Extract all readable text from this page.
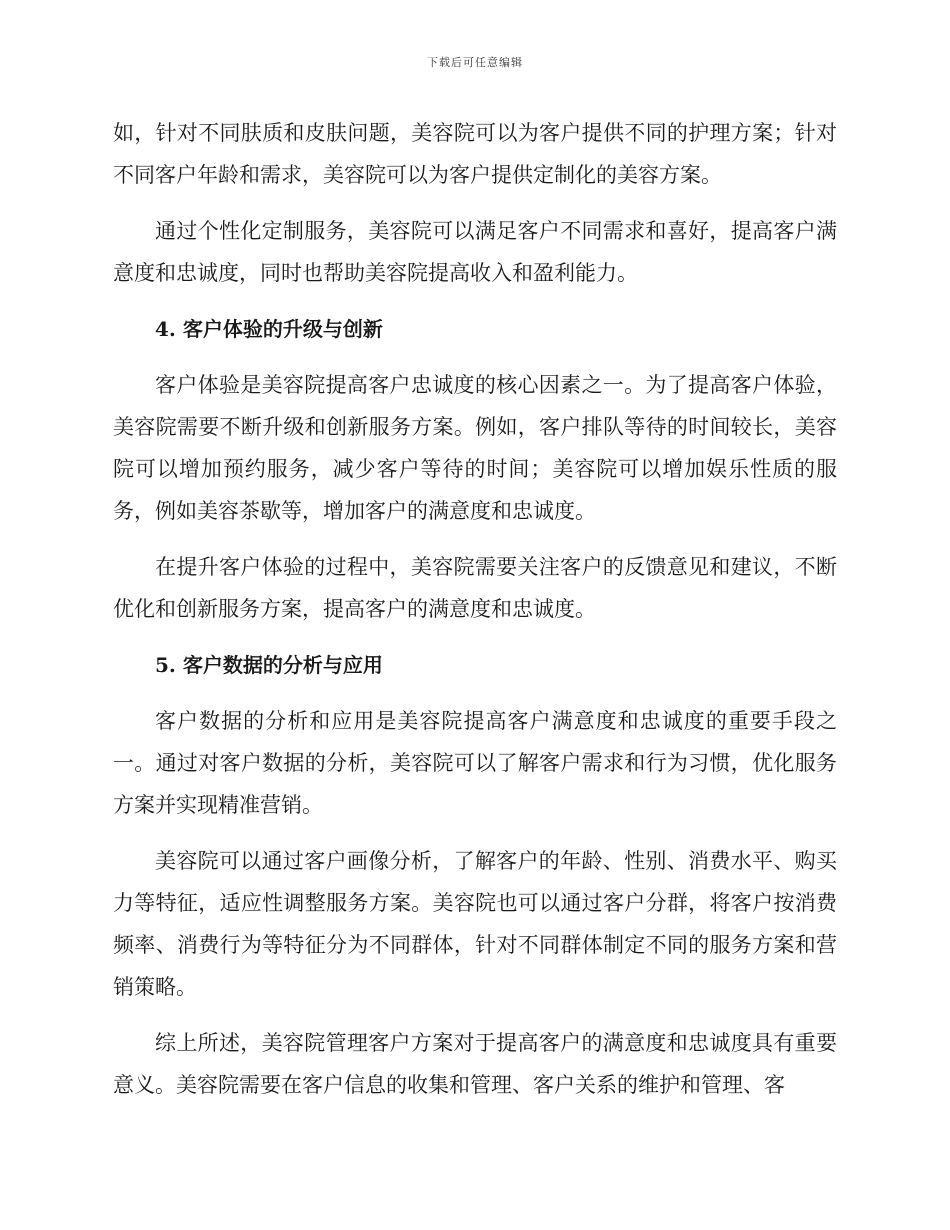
下载后可任意编辑

如，针对不同肤质和皮肤问题，美容院可以为客户提供不同的护理方案；针对不同客户年龄和需求，美容院可以为客户提供定制化的美容方案。

通过个性化定制服务，美容院可以满足客户不同需求和喜好，提高客户满意度和忠诚度，同时也帮助美容院提高收入和盈利能力。

4. 客户体验的升级与创新

客户体验是美容院提高客户忠诚度的核心因素之一。为了提高客户体验，美容院需要不断升级和创新服务方案。例如，客户排队等待的时间较长，美容院可以增加预约服务，减少客户等待的时间；美容院可以增加娱乐性质的服务，例如美容茶歇等，增加客户的满意度和忠诚度。

在提升客户体验的过程中，美容院需要关注客户的反馈意见和建议，不断优化和创新服务方案，提高客户的满意度和忠诚度。

5. 客户数据的分析与应用

客户数据的分析和应用是美容院提高客户满意度和忠诚度的重要手段之一。通过对客户数据的分析，美容院可以了解客户需求和行为习惯，优化服务方案并实现精准营销。

美容院可以通过客户画像分析，了解客户的年龄、性别、消费水平、购买力等特征，适应性调整服务方案。美容院也可以通过客户分群，将客户按消费频率、消费行为等特征分为不同群体，针对不同群体制定不同的服务方案和营销策略。

综上所述，美容院管理客户方案对于提高客户的满意度和忠诚度具有重要意义。美容院需要在客户信息的收集和管理、客户关系的维护和管理、客
